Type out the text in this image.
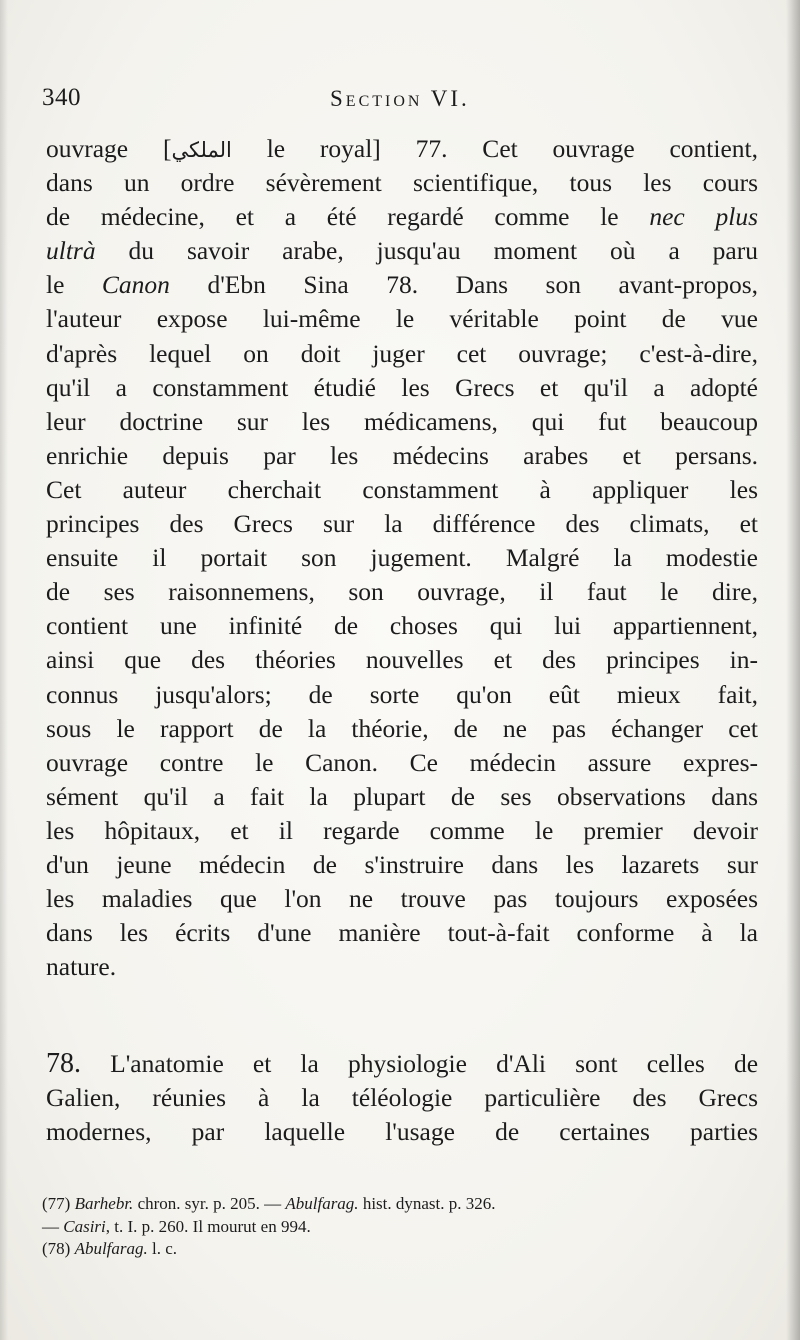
340	Section VI.
ouvrage [الملكي le royal] 77. Cet ouvrage contient,
dans un ordre sévèrement scientifique, tous les cours
de médecine, et a été regardé comme le nec plus
ultrà du savoir arabe, jusqu'au moment où a paru
le Canon d'Ebn Sina 78. Dans son avant-propos,
l'auteur expose lui-même le véritable point de vue
d'après lequel on doit juger cet ouvrage; c'est-à-dire,
qu'il a constamment étudié les Grecs et qu'il a adopté
leur doctrine sur les médicamens, qui fut beaucoup
enrichie depuis par les médecins arabes et persans.
Cet auteur cherchait constamment à appliquer les
principes des Grecs sur la différence des climats, et
ensuite il portait son jugement. Malgré la modestie
de ses raisonnemens, son ouvrage, il faut le dire,
contient une infinité de choses qui lui appartiennent,
ainsi que des théories nouvelles et des principes in-
connus jusqu'alors; de sorte qu'on eût mieux fait,
sous le rapport de la théorie, de ne pas échanger cet
ouvrage contre le Canon. Ce médecin assure expres-
sément qu'il a fait la plupart de ses observations dans
les hôpitaux, et il regarde comme le premier devoir
d'un jeune médecin de s'instruire dans les lazarets sur
les maladies que l'on ne trouve pas toujours exposées
dans les écrits d'une manière tout-à-fait conforme à la
nature.
78. L'anatomie et la physiologie d'Ali sont celles de
Galien, réunies à la téléologie particulière des Grecs
modernes, par laquelle l'usage de certaines parties
(77) Barhebr. chron. syr. p. 205. — Abulfarag. hist. dynast. p. 326.
— Casiri, t. I. p. 260. Il mourut en 994.
(78) Abulfarag. l. c.
